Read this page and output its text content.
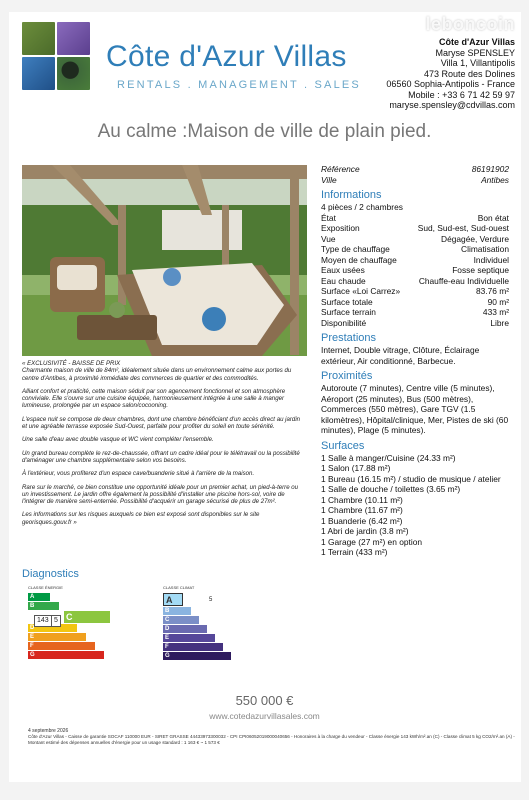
leboncoin
Côte d'Azur Villas
RENTALS . MANAGEMENT . SALES
Côte d'Azur Villas
Maryse SPENSLEY
Villa 1, Villantipolis
473 Route des Dolines
06560 Sophia-Antipolis - France
Mobile : +33 6 71 42 59 97
maryse.spensley@cdvillas.com
Au calme :Maison de ville de plain pied.

« EXCLUSIVITÉ - BAISSE DE PRIX

Charmante maison de ville de 84m², idéalement située dans un environnement calme aux portes du centre d'Antibes, à proximité immédiate des commerces de quartier et des commodités.

Alliant confort et praticité, cette maison séduit par son agencement fonctionnel et son atmosphère conviviale. Elle s'ouvre sur une cuisine équipée, harmonieusement intégrée à une salle à manger lumineuse, prolongée par un espace salon/cocooning.

L'espace nuit se compose de deux chambres, dont une chambre bénéficiant d'un accès direct au jardin et une agréable terrasse exposée Sud-Ouest, parfaite pour profiter du soleil en toute sérénité.

Une salle d'eau avec double vasque et WC vient compléter l'ensemble.

Un grand bureau complète le rez-de-chaussée, offrant un cadre idéal pour le télétravail ou la possibilité d'aménager une chambre supplémentaire selon vos besoins.

À l'extérieur, vous profiterez d'un espace cave/buanderie situé à l'arrière de la maison.

Rare sur le marché, ce bien constitue une opportunité idéale pour un premier achat, un pied-à-terre ou un investissement. Le jardin offre également la possibilité d'installer une piscine hors-sol, voire de l'intégrer de manière semi-enterrée. Possibilité d'acquérir un garage sécurisé de plus de 27m².

Les informations sur les risques auxquels ce bien est exposé sont disponibles sur le site georisques.gouv.fr »

Référence	86191902
Ville	Antibes
Informations
4 pièces / 2 chambres
État	Bon état
Exposition	Sud, Sud-est, Sud-ouest
Vue	Dégagée, Verdure
Type de chauffage	Climatisation
Moyen de chauffage	Individuel
Eaux usées	Fosse septique
Eau chaude	Chauffe-eau Individuelle
Surface «Loi Carrez»	83.76 m²
Surface totale	90 m²
Surface terrain	433 m²
Disponibilité	Libre
Prestations
Internet, Double vitrage, Clôture, Éclairage extérieur, Air conditionné, Barbecue.
Proximités
Autoroute (7 minutes), Centre ville (5 minutes), Aéroport (25 minutes), Bus (500 mètres), Commerces (550 mètres), Gare TGV (1.5 kilomètres), Hôpital/clinique, Mer, Pistes de ski (60 minutes), Plage (5 minutes).
Surfaces
1 Salle à manger/Cuisine (24.33 m²)
1 Salon (17.88 m²)
1 Bureau (16.15 m²) / studio de musique / atelier
1 Salle de douche / toilettes (3.65 m²)
1 Chambre (10.11 m²)
1 Chambre (11.67 m²)
1 Buanderie (6.42 m²)
1 Abri de jardin (3.8 m²)
1 Garage (27 m²) en option
1 Terrain (433 m²)
Diagnostics
CLASSE ÉNERGIE
A
B
C
D
E
F
G
143 5
CLASSE CLIMAT
A
B
C
D
E
F
G
5
550 000 €
www.cotedazurvillasales.com
4 septembre 2026
Côte d'Azur Villas - Caisse de garantie SOCAF 110000 EUR - SIRET GRASSE 44433973300032 - CPI CPI06052019000040656 - Honoraires à la charge du vendeur - Classe énergie 143 kWh/m².an (C) - Classe climat 5 kg CO2/m².an (A) - Montant estimé des dépenses annuelles d'énergie pour un usage standard : 1 163 € ~ 1 573 €
